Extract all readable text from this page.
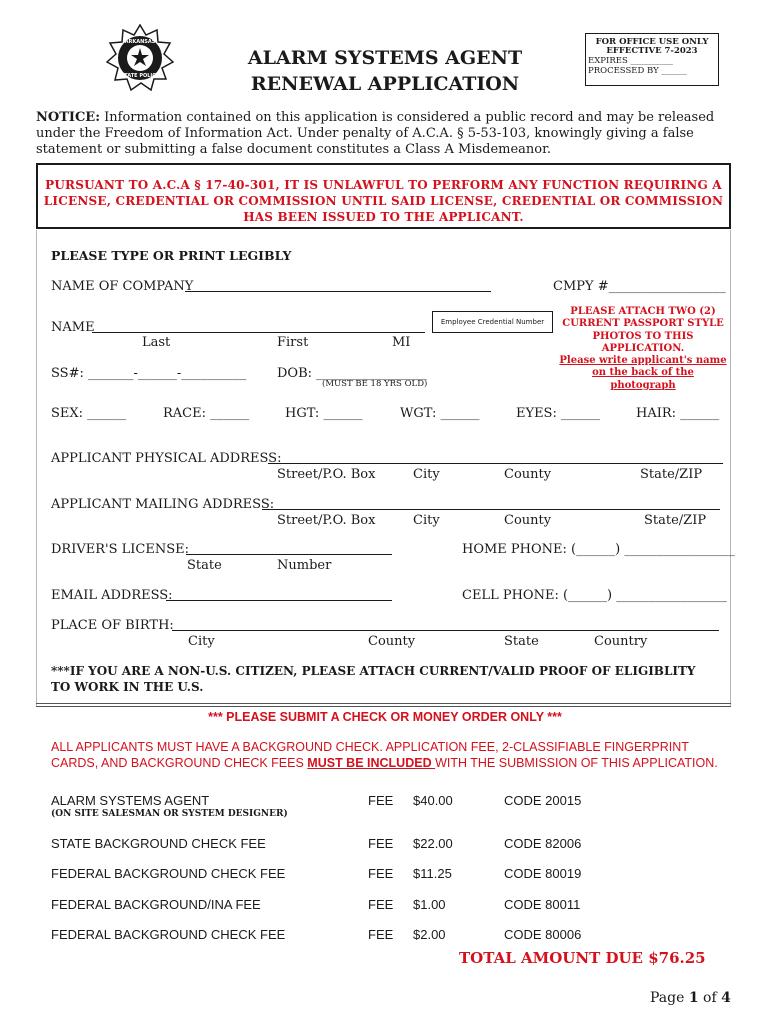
ARKANSAS
STATE POLICE
ALARM SYSTEMS AGENT
RENEWAL APPLICATION
FOR OFFICE USE ONLY
EFFECTIVE 7-2023
EXPIRES __________
PROCESSED BY ______
NOTICE: Information contained on this application is considered a public record and may be released under the Freedom of Information Act. Under penalty of A.C.A. § 5-53-103, knowingly giving a false statement or submitting a false document constitutes a Class A Misdemeanor.
PURSUANT TO A.C.A § 17-40-301, IT IS UNLAWFUL TO PERFORM ANY FUNCTION REQUIRING A LICENSE, CREDENTIAL OR COMMISSION UNTIL SAID LICENSE, CREDENTIAL OR COMMISSION HAS BEEN ISSUED TO THE APPLICANT.
PLEASE TYPE OR PRINT LEGIBLY
NAME OF COMPANY	CMPY #__________________
NAME
Last	First	MI
Employee Credential Number
PLEASE ATTACH TWO (2)
CURRENT PASSPORT STYLE
PHOTOS TO THIS
APPLICATION.
Please write applicant's name
on the back of the photograph
SS#: _______-______-__________ DOB: _________________
(MUST BE 18 YRS OLD)
SEX: ______	RACE: ______	HGT: ______	WGT: ______	EYES: ______	HAIR: ______
APPLICANT PHYSICAL ADDRESS:
Street/P.O. Box	City	County	State/ZIP
APPLICANT MAILING ADDRESS:
Street/P.O. Box	City	County	State/ZIP
DRIVER'S LICENSE:
State	Number
HOME PHONE: (______) _________________
EMAIL ADDRESS:	CELL PHONE: (______) _________________
PLACE OF BIRTH:
City	County	State	Country
***IF YOU ARE A NON-U.S. CITIZEN, PLEASE ATTACH CURRENT/VALID PROOF OF ELIGIBLITY TO WORK IN THE U.S.
*** PLEASE SUBMIT A CHECK OR MONEY ORDER ONLY ***
ALL APPLICANTS MUST HAVE A BACKGROUND CHECK. APPLICATION FEE, 2-CLASSIFIABLE FINGERPRINT CARDS, AND BACKGROUND CHECK FEES MUST BE INCLUDED WITH THE SUBMISSION OF THIS APPLICATION.
ALARM SYSTEMS AGENT	FEE $40.00	CODE 20015
(ON SITE SALESMAN OR SYSTEM DESIGNER)
STATE BACKGROUND CHECK FEE	FEE $22.00	CODE 82006
FEDERAL BACKGROUND CHECK FEE	FEE $11.25	CODE 80019
FEDERAL BACKGROUND/INA FEE	FEE $1.00	CODE 80011
FEDERAL BACKGROUND CHECK FEE	FEE $2.00	CODE 80006
TOTAL AMOUNT DUE $76.25
Page 1 of 4
